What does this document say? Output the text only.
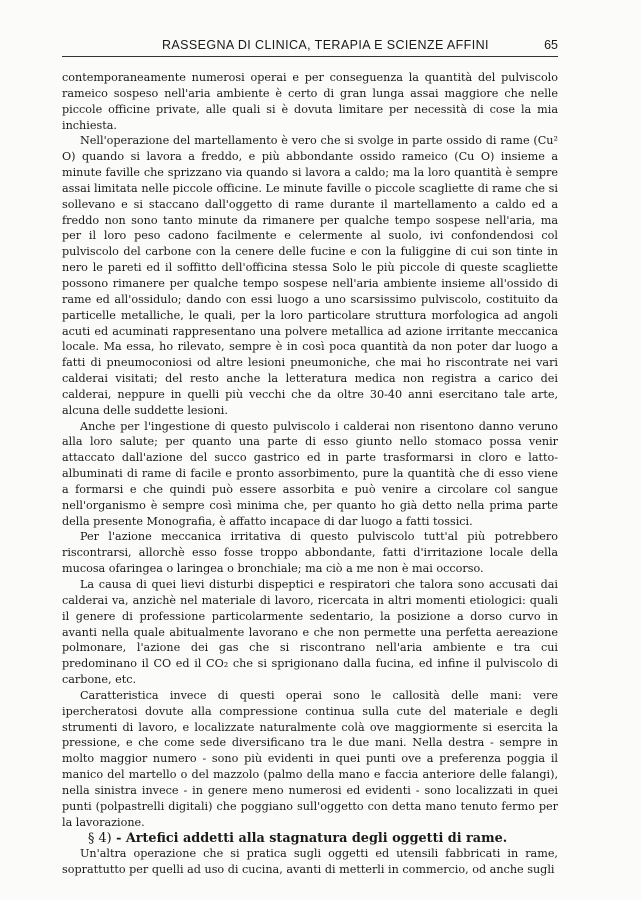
RASSEGNA DI CLINICA, TERAPIA E SCIENZE AFFINI	65

contemporaneamente numerosi operai e per conseguenza la quantità del pulviscolo rameico sospeso nell'aria ambiente è certo di gran lunga assai maggiore che nelle piccole officine private, alle quali si è dovuta limitare per necessità di cose la mia inchiesta.

Nell'operazione del martellamento è vero che si svolge in parte ossido di rame (Cu² O) quando si lavora a freddo, e più abbondante ossido rameico (Cu O) insieme a minute faville che sprizzano via quando si lavora a caldo; ma la loro quantità è sempre assai limitata nelle piccole officine. Le minute faville o piccole scagliette di rame che si sollevano e si staccano dall'oggetto di rame durante il martellamento a caldo ed a freddo non sono tanto minute da rimanere per qualche tempo sospese nell'aria, ma per il loro peso cadono facilmente e celermente al suolo, ivi confondendosi col pulviscolo del carbone con la cenere delle fucine e con la fuliggine di cui son tinte in nero le pareti ed il soffitto dell'officina stessa Solo le più piccole di queste scagliette possono rimanere per qualche tempo sospese nell'aria ambiente insieme all'ossido di rame ed all'ossidulo; dando con essi luogo a uno scarsissimo pulviscolo, costituito da particelle metalliche, le quali, per la loro particolare struttura morfologica ad angoli acuti ed acuminati rappresentano una polvere metallica ad azione irritante meccanica locale. Ma essa, ho rilevato, sempre è in così poca quantità da non poter dar luogo a fatti di pneumoconiosi od altre lesioni pneumoniche, che mai ho riscontrate nei vari calderai visitati; del resto anche la letteratura medica non registra a carico dei calderai, neppure in quelli più vecchi che da oltre 30-40 anni esercitano tale arte, alcuna delle suddette lesioni.

Anche per l'ingestione di questo pulviscolo i calderai non risentono danno veruno alla loro salute; per quanto una parte di esso giunto nello stomaco possa venir attaccato dall'azione del succo gastrico ed in parte trasformarsi in cloro e latto-albuminati di rame di facile e pronto assorbimento, pure la quantità che di esso viene a formarsi e che quindi può essere assorbita e può venire a circolare col sangue nell'organismo è sempre così minima che, per quanto ho già detto nella prima parte della presente Monografia, è affatto incapace di dar luogo a fatti tossici.

Per l'azione meccanica irritativa di questo pulviscolo tutt'al più potrebbero riscontrarsi, allorchè esso fosse troppo abbondante, fatti d'irritazione locale della mucosa ofaringea o laringea o bronchiale; ma ciò a me non è mai occorso.

La causa di quei lievi disturbi dispeptici e respiratori che talora sono accusati dai calderai va, anzichè nel materiale di lavoro, ricercata in altri momenti etiologici: quali il genere di professione particolarmente sedentario, la posizione a dorso curvo in avanti nella quale abitualmente lavorano e che non permette una perfetta aereazione polmonare, l'azione dei gas che si riscontrano nell'aria ambiente e tra cui predominano il CO ed il CO₂ che si sprigionano dalla fucina, ed infine il pulviscolo di carbone, etc.

Caratteristica invece di questi operai sono le callosità delle mani: vere ipercheratosi dovute alla compressione continua sulla cute del materiale e degli strumenti di lavoro, e localizzate naturalmente colà ove maggiormente si esercita la pressione, e che come sede diversificano tra le due mani. Nella destra - sempre in molto maggior numero - sono più evidenti in quei punti ove a preferenza poggia il manico del martello o del mazzolo (palmo della mano e faccia anteriore delle falangi), nella sinistra invece - in genere meno numerosi ed evidenti - sono localizzati in quei punti (polpastrelli digitali) che poggiano sull'oggetto con detta mano tenuto fermo per la lavorazione.

§ 4) - Artefici addetti alla stagnatura degli oggetti di rame.

Un'altra operazione che si pratica sugli oggetti ed utensili fabbricati in rame, soprattutto per quelli ad uso di cucina, avanti di metterli in commercio, od anche sugli
